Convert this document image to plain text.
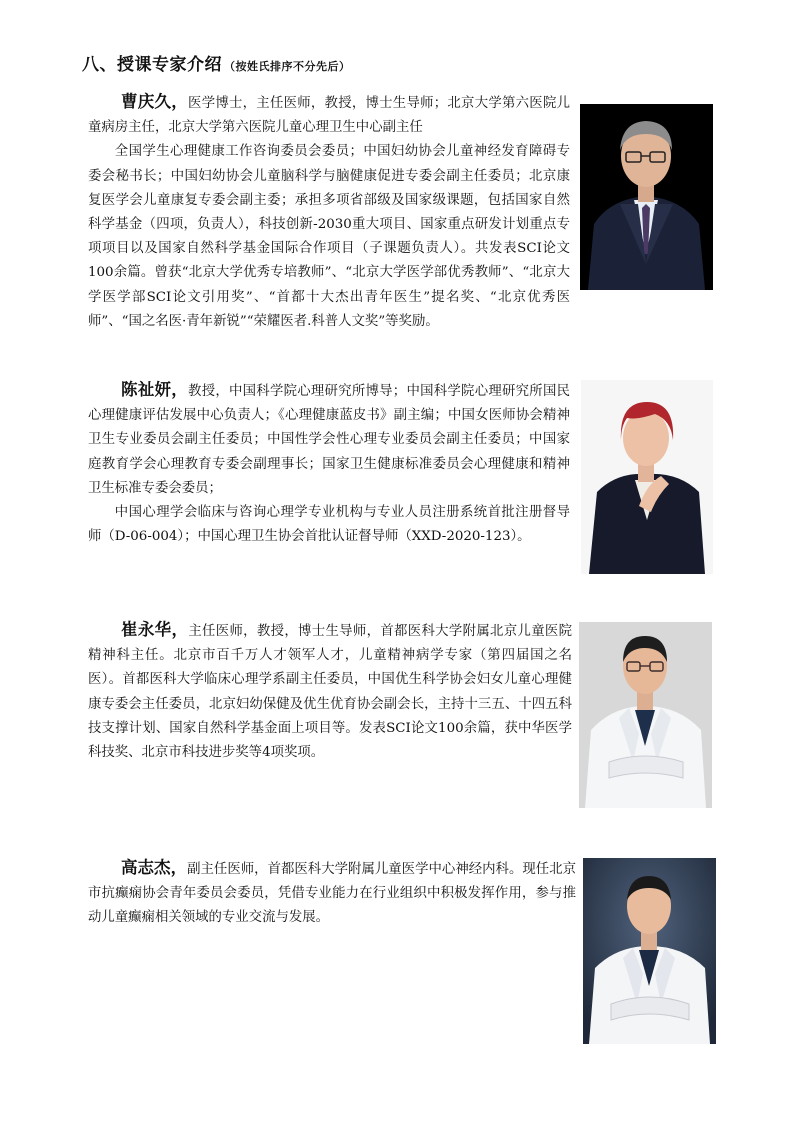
八、授课专家介绍 （按姓氏排序不分先后）

曹庆久，医学博士，主任医师，教授，博士生导师；北京大学第六医院儿童病房主任，北京大学第六医院儿童心理卫生中心副主任

全国学生心理健康工作咨询委员会委员；中国妇幼协会儿童神经发育障碍专委会秘书长；中国妇幼协会儿童脑科学与脑健康促进专委会副主任委员；北京康复医学会儿童康复专委会副主委；承担多项省部级及国家级课题，包括国家自然科学基金（四项，负责人），科技创新-2030重大项目、国家重点研发计划重点专项项目以及国家自然科学基金国际合作项目（子课题负责人）。共发表SCI论文100余篇。曾获“北京大学优秀专培教师”、“北京大学医学部优秀教师”、“北京大学医学部SCI论文引用奖”、“首都十大杰出青年医生”提名奖、“北京优秀医师”、“国之名医·青年新锐”“荣耀医者.科普人文奖”等奖励。

陈祉妍，教授，中国科学院心理研究所博导；中国科学院心理研究所国民心理健康评估发展中心负责人；《心理健康蓝皮书》副主编；中国女医师协会精神卫生专业委员会副主任委员；中国性学会性心理专业委员会副主任委员；中国家庭教育学会心理教育专委会副理事长；国家卫生健康标准委员会心理健康和精神卫生标准专委会委员；

中国心理学会临床与咨询心理学专业机构与专业人员注册系统首批注册督导师（D-06-004）；中国心理卫生协会首批认证督导师（XXD-2020-123）。

崔永华，主任医师，教授，博士生导师，首都医科大学附属北京儿童医院精神科主任。北京市百千万人才领军人才，儿童精神病学专家（第四届国之名医）。首都医科大学临床心理学系副主任委员，中国优生科学协会妇女儿童心理健康专委会主任委员，北京妇幼保健及优生优育协会副会长，主持十三五、十四五科技支撑计划、国家自然科学基金面上项目等。发表SCI论文100余篇，获中华医学科技奖、北京市科技进步奖等4项奖项。

高志杰，副主任医师，首都医科大学附属儿童医学中心神经内科。现任北京市抗癫痫协会青年委员会委员，凭借专业能力在行业组织中积极发挥作用，参与推动儿童癫痫相关领域的专业交流与发展。
